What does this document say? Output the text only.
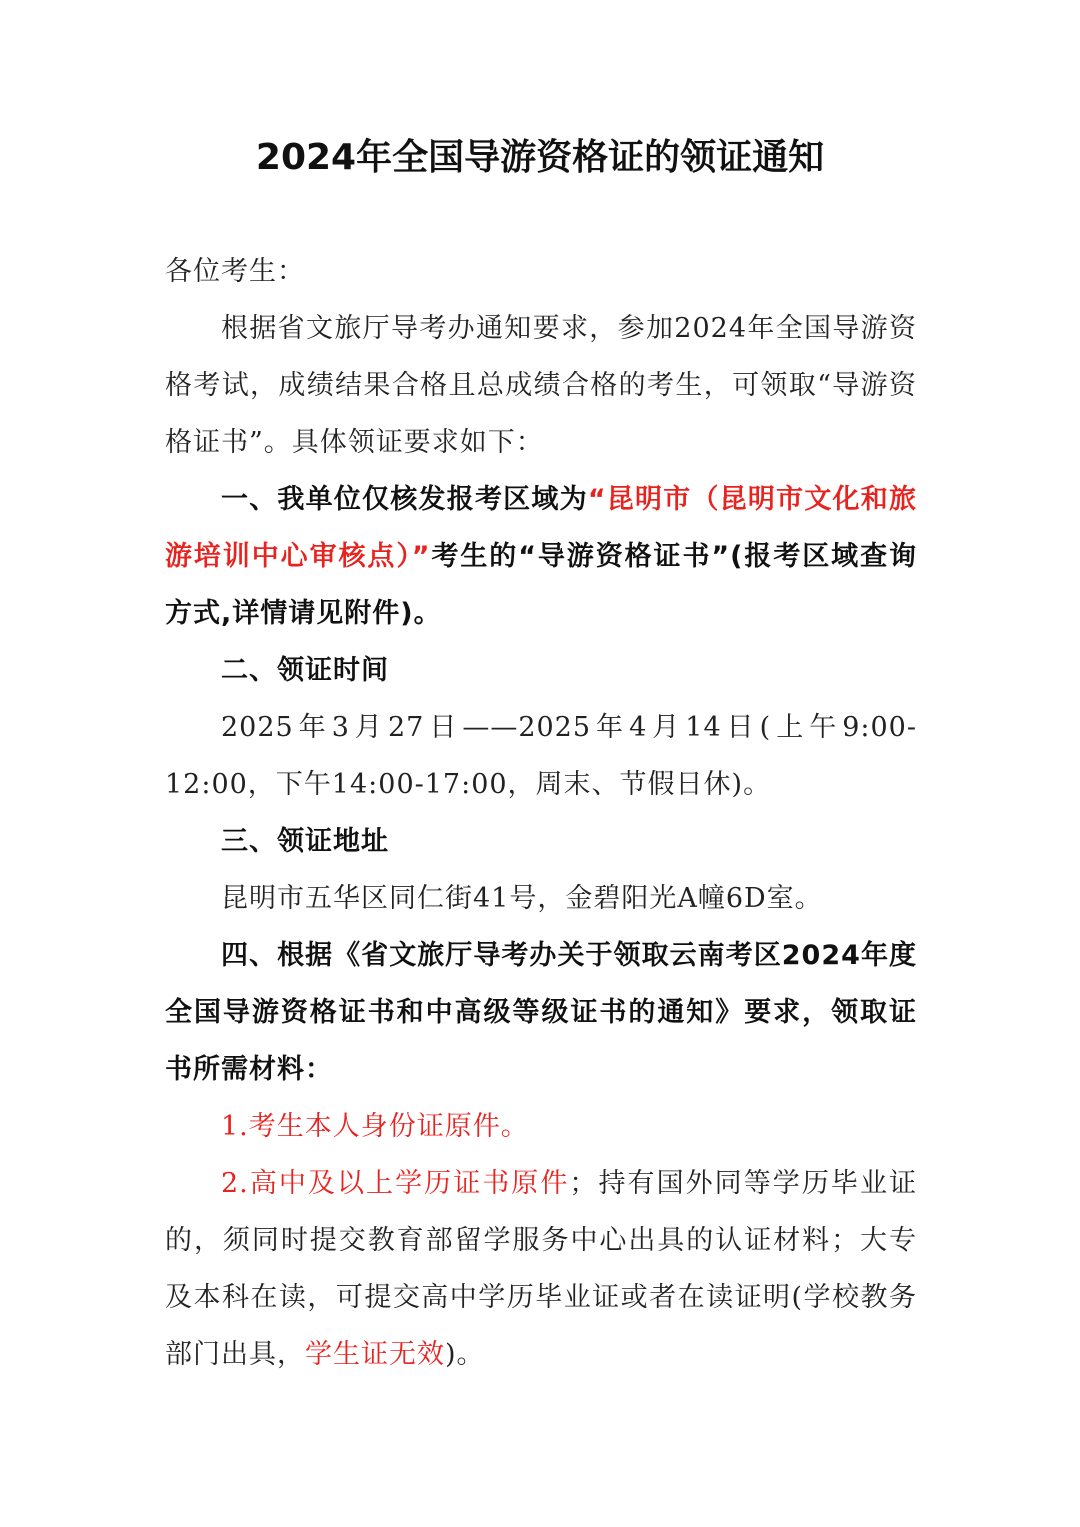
2024年全国导游资格证的领证通知

各位考生：

根据省文旅厅导考办通知要求，参加2024年全国导游资格考试，成绩结果合格且总成绩合格的考生，可领取“导游资格证书”。具体领证要求如下：

一、我单位仅核发报考区域为“昆明市（昆明市文化和旅游培训中心审核点）”考生的“导游资格证书”(报考区域查询方式,详情请见附件)。

二、领证时间

2025年3月27日——2025年4月14日(上午9:00-12:00，下午14:00-17:00，周末、节假日休)。

三、领证地址

昆明市五华区同仁街41号，金碧阳光A幢6D室。

四、根据《省文旅厅导考办关于领取云南考区2024年度全国导游资格证书和中高级等级证书的通知》要求，领取证书所需材料：

1.考生本人身份证原件。

2.高中及以上学历证书原件；持有国外同等学历毕业证的，须同时提交教育部留学服务中心出具的认证材料；大专及本科在读，可提交高中学历毕业证或者在读证明(学校教务部门出具，学生证无效)。
